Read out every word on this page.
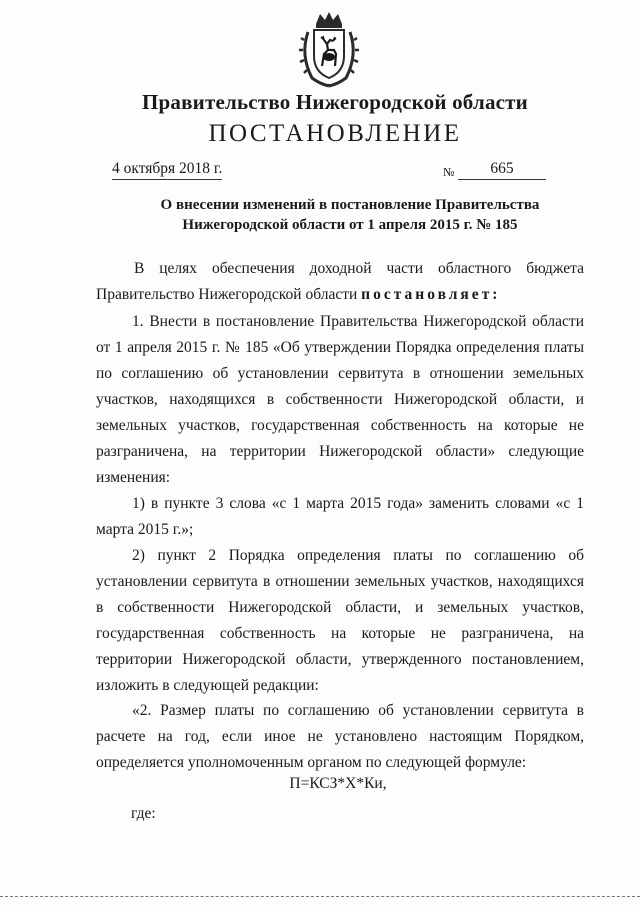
Правительство Нижегородской области
ПОСТАНОВЛЕНИЕ
4 октября 2018 г.	№	665
О внесении изменений в постановление Правительства
Нижегородской области от 1 апреля 2015 г. № 185

В целях обеспечения доходной части областного бюджета Правительство Нижегородской области постановляет:

1. Внести в постановление Правительства Нижегородской области от 1 апреля 2015 г. № 185 «Об утверждении Порядка определения платы по соглашению об установлении сервитута в отношении земельных участков, находящихся в собственности Нижегородской области, и земельных участков, государственная собственность на которые не разграничена, на территории Нижегородской области» следующие изменения:

1) в пункте 3 слова «с 1 марта 2015 года» заменить словами «с 1 марта 2015 г.»;

2) пункт 2 Порядка определения платы по соглашению об установлении сервитута в отношении земельных участков, находящихся в собственности Нижегородской области, и земельных участков, государственная собственность на которые не разграничена, на территории Нижегородской области, утвержденного постановлением, изложить в следующей редакции:

«2. Размер платы по соглашению об установлении сервитута в расчете на год, если иное не установлено настоящим Порядком, определяется уполномоченным органом по следующей формуле:

П=КСЗ*Х*Ки,
где:
